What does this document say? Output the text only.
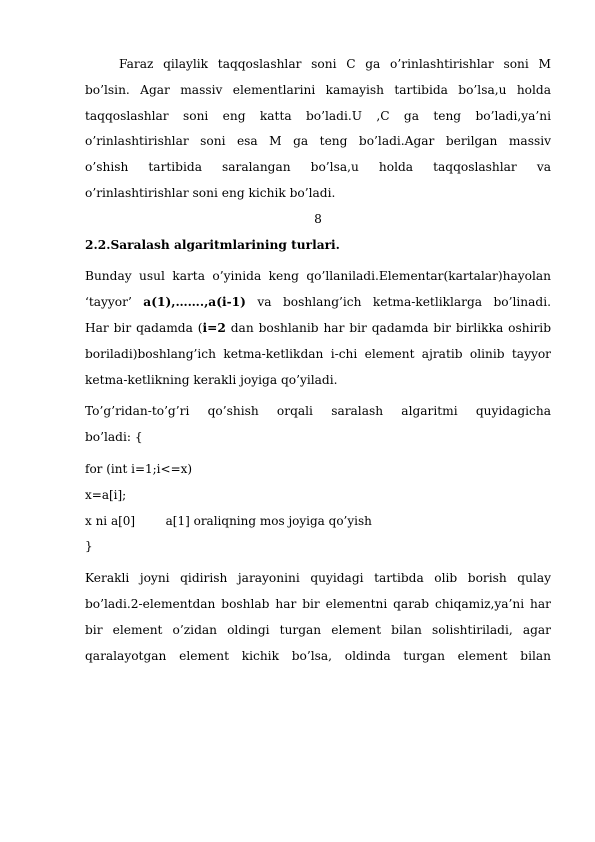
Faraz qilaylik taqqoslashlar soni C ga o’rinlashtirishlar soni M

bo’lsin. Agar massiv elementlarini kamayish tartibida bo’lsa,u holda

taqqoslashlar soni eng katta bo’ladi.U ,C ga teng bo’ladi,ya’ni

o’rinlashtirishlar soni esa M ga teng bo’ladi.Agar berilgan massiv

o’shish tartibida saralangan bo’lsa,u holda taqqoslashlar va

o’rinlashtirishlar soni eng kichik bo’ladi.

8

2.2.Saralash algaritmlarining turlari.

Bunday usul karta o’yinida keng qo’llaniladi.Elementar(kartalar)hayolan

‘tayyor’ a(1),…….,a(i-1) va boshlang’ich ketma-ketliklarga bo’linadi.

Har bir qadamda (i=2 dan boshlanib har bir qadamda bir birlikka oshirib

boriladi)boshlang’ich ketma-ketlikdan i-chi element ajratib olinib tayyor

ketma-ketlikning kerakli joyiga qo’yiladi.

To’g’ridan-to’g’ri qo’shish orqali saralash algaritmi quyidagicha

bo’ladi: {

for (int i=1;i<=x)

x=a[i];

x ni a[0]        a[1] oraliqning mos joyiga qo’yish

}

Kerakli joyni qidirish jarayonini quyidagi tartibda olib borish qulay

bo’ladi.2-elementdan boshlab har bir elementni qarab chiqamiz,ya’ni har

bir element o’zidan oldingi turgan element bilan solishtiriladi, agar

qaralayotgan element kichik bo’lsa, oldinda turgan element bilan
